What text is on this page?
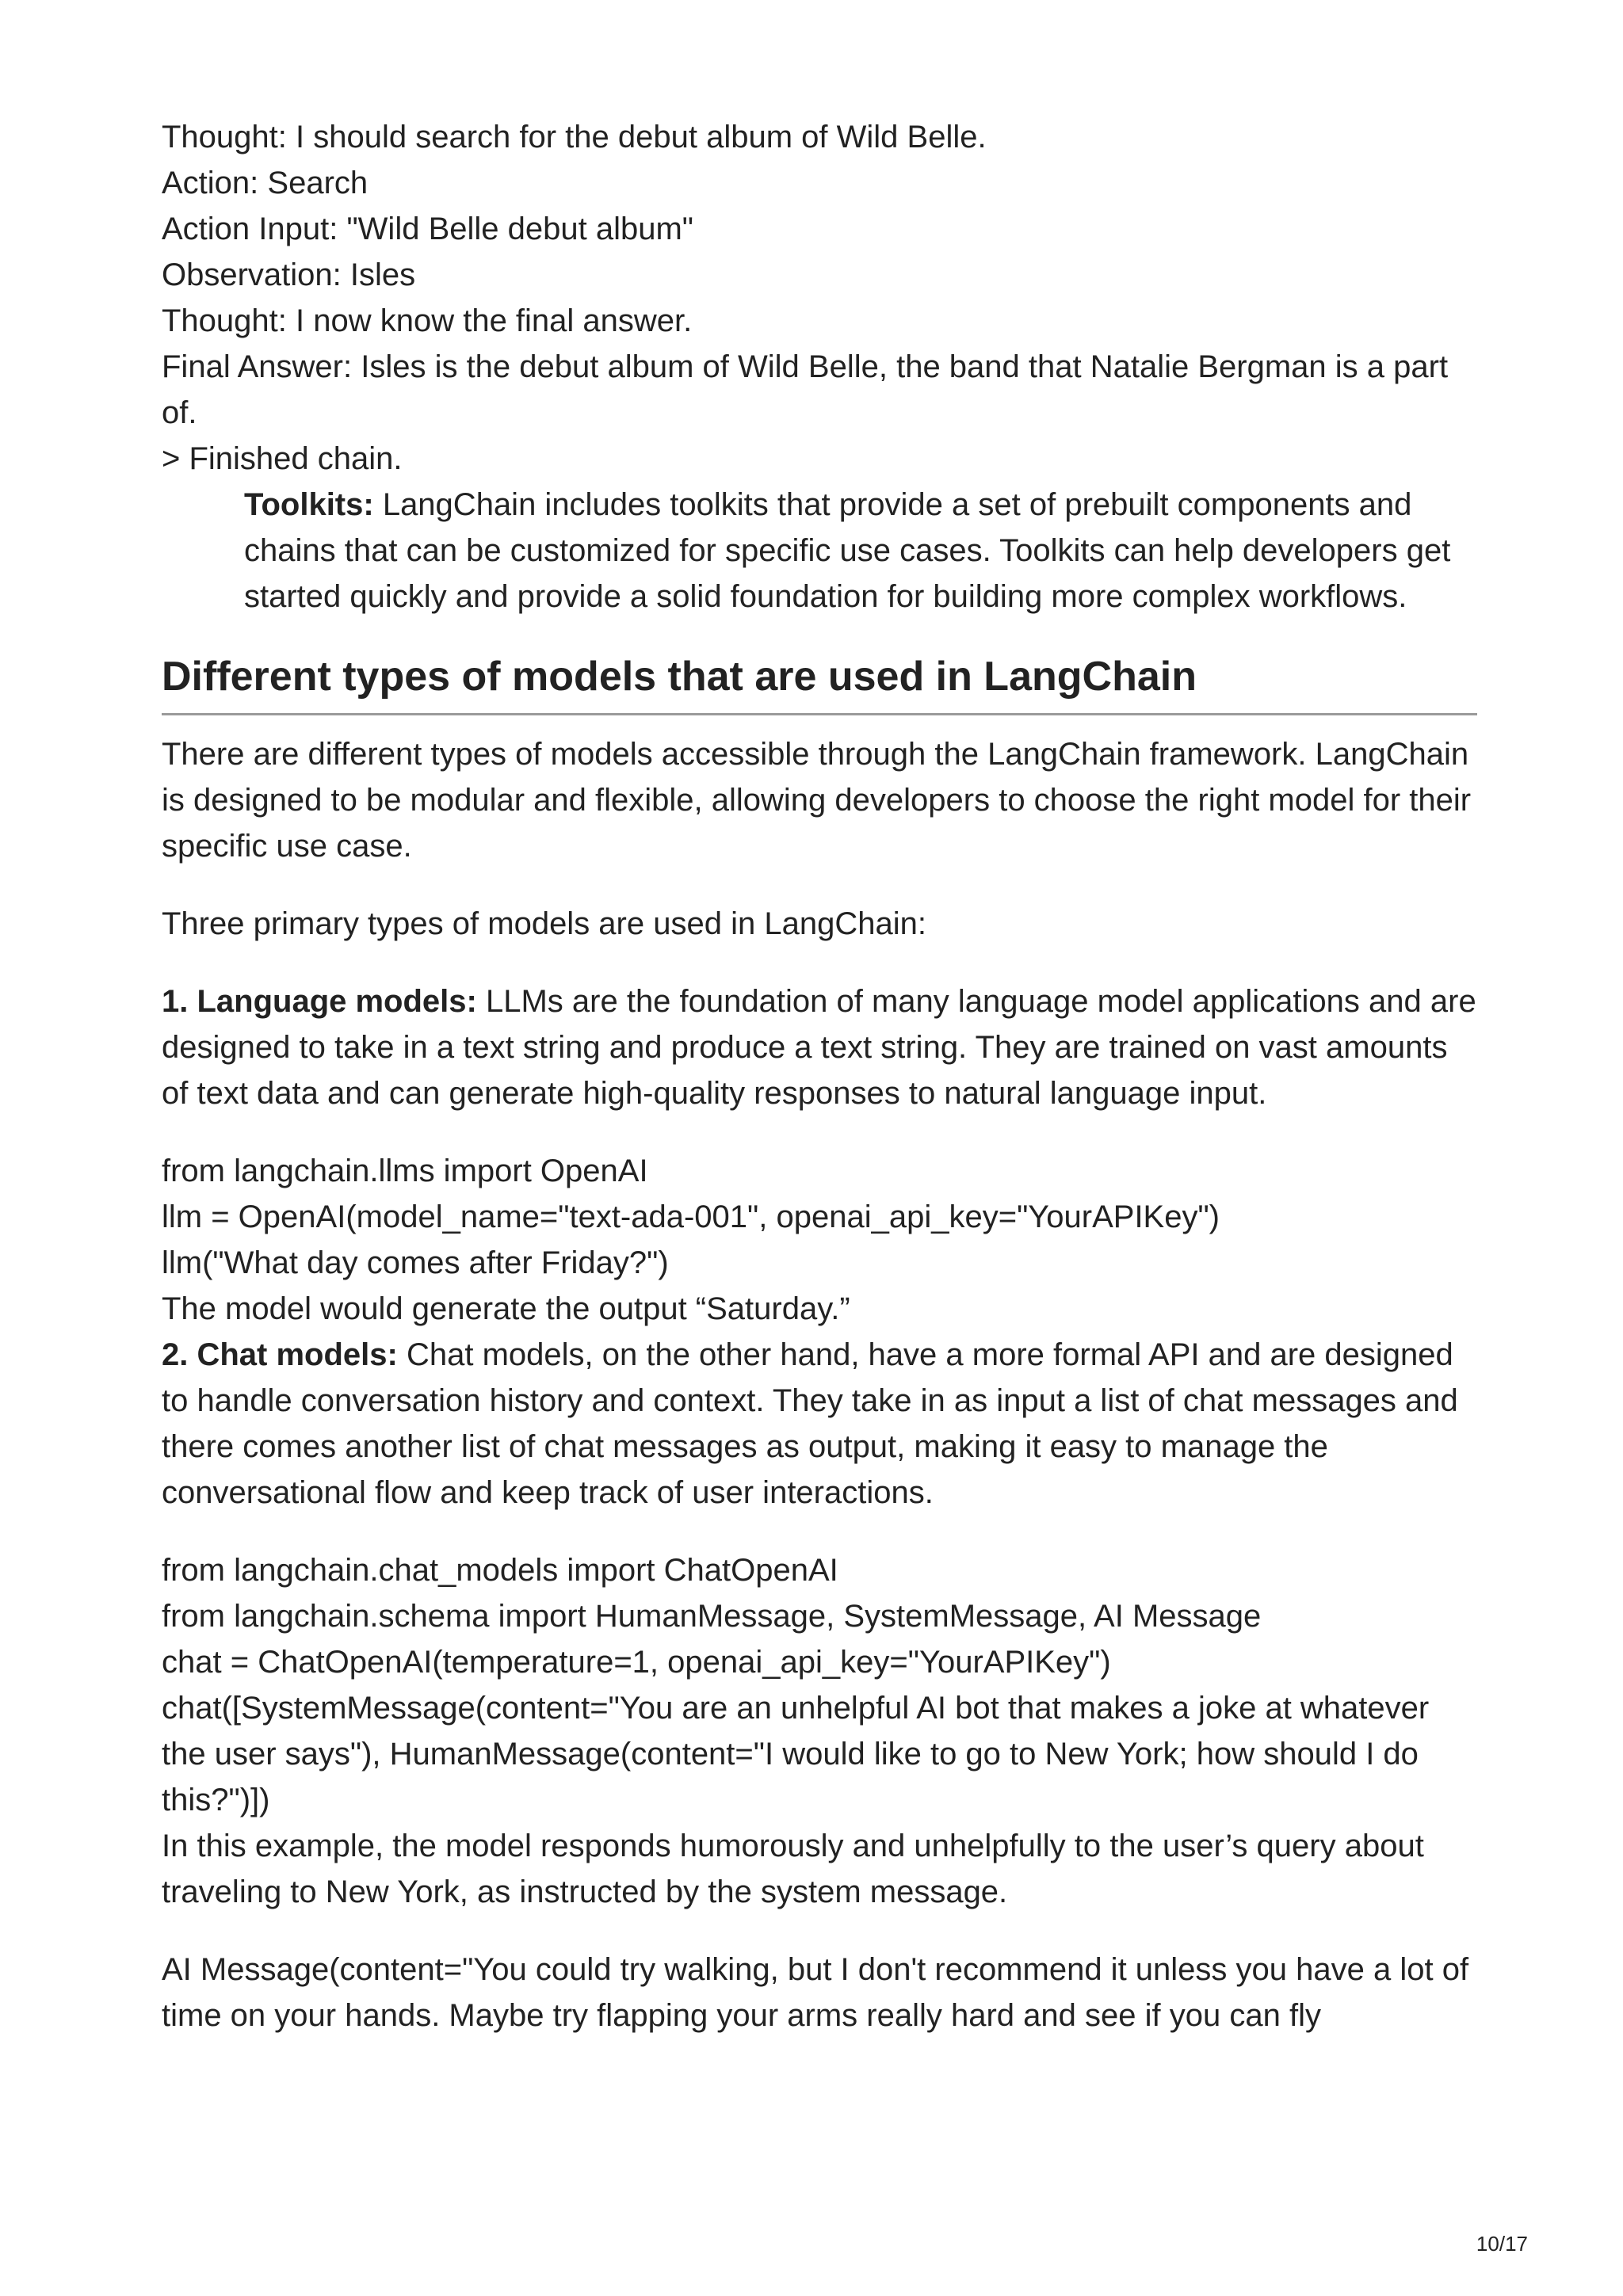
Thought: I should search for the debut album of Wild Belle.

Action: Search

Action Input: "Wild Belle debut album"

Observation: Isles

Thought: I now know the final answer.

Final Answer: Isles is the debut album of Wild Belle, the band that Natalie Bergman is a part of.

> Finished chain.

Toolkits: LangChain includes toolkits that provide a set of prebuilt components and chains that can be customized for specific use cases. Toolkits can help developers get started quickly and provide a solid foundation for building more complex workflows.
Different types of models that are used in LangChain

There are different types of models accessible through the LangChain framework. LangChain is designed to be modular and flexible, allowing developers to choose the right model for their specific use case.

Three primary types of models are used in LangChain:

1. Language models: LLMs are the foundation of many language model applications and are designed to take in a text string and produce a text string. They are trained on vast amounts of text data and can generate high-quality responses to natural language input.

from langchain.llms import OpenAI

llm = OpenAI(model_name="text-ada-001", openai_api_key="YourAPIKey")

llm("What day comes after Friday?")

The model would generate the output “Saturday.”

2. Chat models: Chat models, on the other hand, have a more formal API and are designed to handle conversation history and context. They take in as input a list of chat messages and there comes another list of chat messages as output, making it easy to manage the conversational flow and keep track of user interactions.

from langchain.chat_models import ChatOpenAI

from langchain.schema import HumanMessage, SystemMessage, AI Message

chat = ChatOpenAI(temperature=1, openai_api_key="YourAPIKey")

chat([SystemMessage(content="You are an unhelpful AI bot that makes a joke at whatever the user says"), HumanMessage(content="I would like to go to New York; how should I do this?")])

In this example, the model responds humorously and unhelpfully to the user’s query about traveling to New York, as instructed by the system message.

AI Message(content="You could try walking, but I don't recommend it unless you have a lot of time on your hands. Maybe try flapping your arms really hard and see if you can fly

10/17
